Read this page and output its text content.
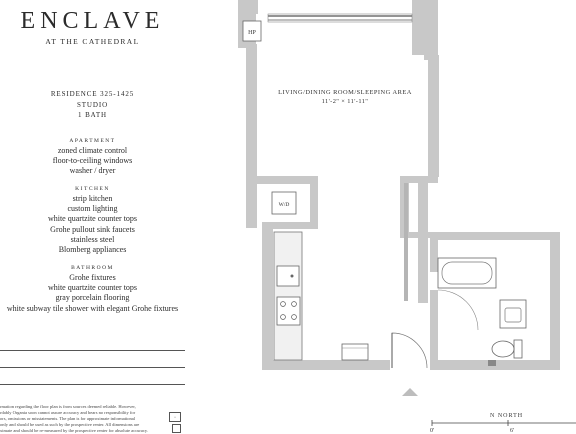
ENCLAVE
AT THE CATHEDRAL
RESIDENCE 325-1425
STUDIO
1 BATH
APARTMENT
zoned climate control
floor-to-ceiling windows
washer / dryer
KITCHEN
strip kitchen
custom lighting
white quartzite counter tops
Grohe pullout sink faucets
stainless steel
Blomberg appliances
BATHROOM
Grohe fixtures
white quartzite counter tops
gray porcelain flooring
white subway tile shower with elegant Grohe fixtures
rmation regarding the floor plan is from sources deemed reliable. However,
rdably Organia soon cannot assure accuracy and bears no responsibility for
ors, omissions or misstatements. The plan is for approximate informational
only and should be used as such by the prospective renter. All dimensions are
ximate and should be re-measured by the prospective renter for absolute accuracy.
⌂
HP
LIVING/DINING ROOM/SLEEPING AREA
11'-2" × 11'-11"
W/D
N NORTH
0'	6'
